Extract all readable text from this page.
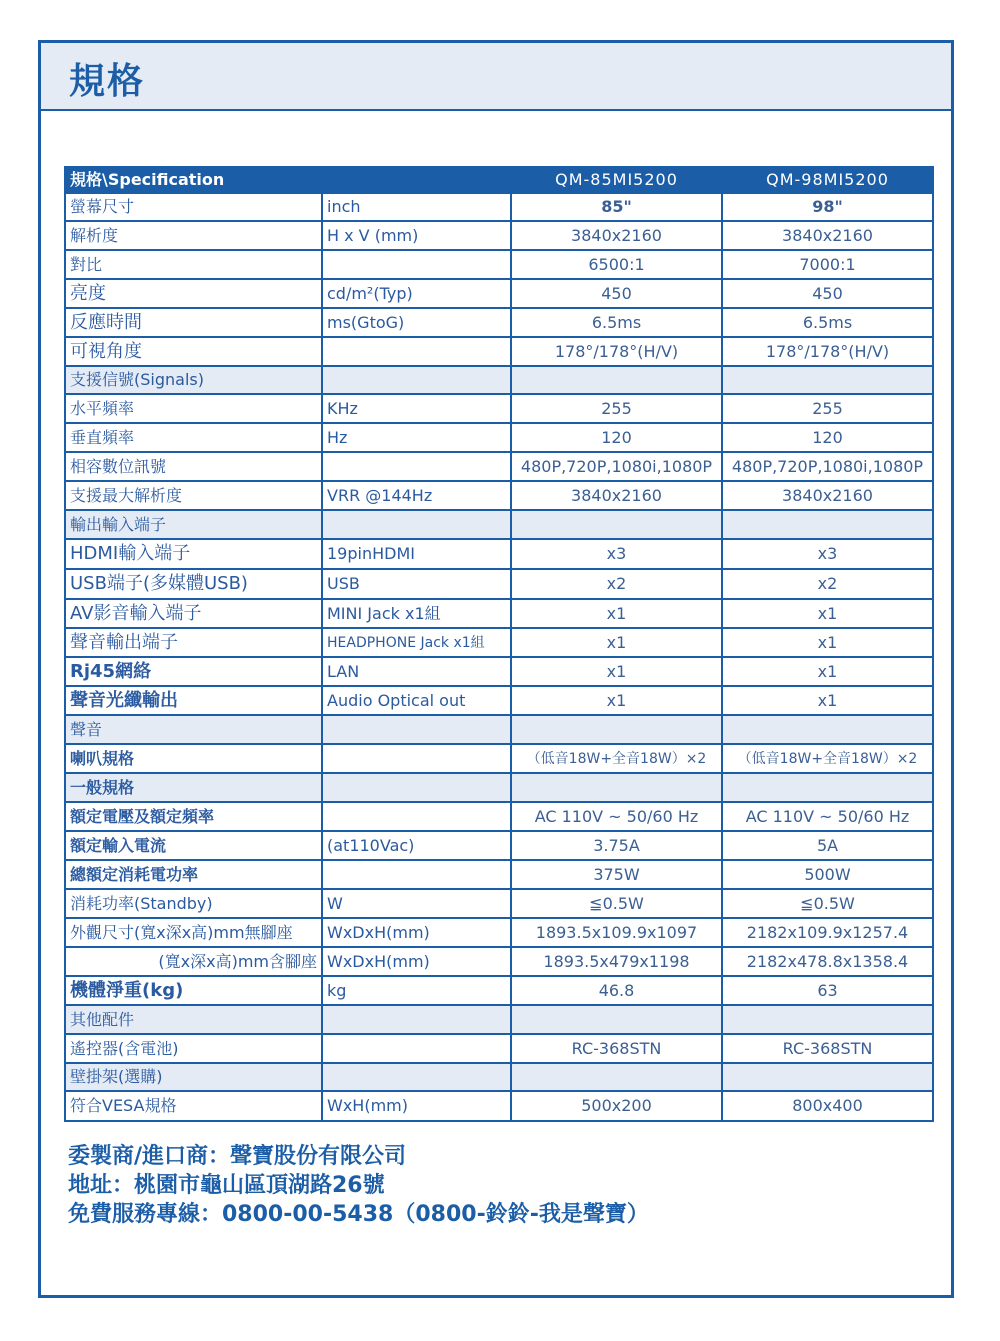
規格
規格\Specification		QM-85MI5200	QM-98MI5200
螢幕尺寸	inch	85"	98"
解析度	H x V (mm)	3840x2160	3840x2160
對比		6500:1	7000:1
亮度	cd/m²(Typ)	450	450
反應時間	ms(GtoG)	6.5ms	6.5ms
可視角度		178°/178°(H/V)	178°/178°(H/V)
支援信號(Signals)			
水平頻率	KHz	255	255
垂直頻率	Hz	120	120
相容數位訊號		480P,720P,1080i,1080P	480P,720P,1080i,1080P
支援最大解析度	VRR @144Hz	3840x2160	3840x2160
輸出輸入端子			
HDMI輸入端子	19pinHDMI	x3	x3
USB端子(多媒體USB)	USB	x2	x2
AV影音輸入端子	MINI Jack x1組	x1	x1
聲音輸出端子	HEADPHONE Jack x1組	x1	x1
Rj45網絡	LAN	x1	x1
聲音光纖輸出	Audio Optical out	x1	x1
聲音			
喇叭規格		（低音18W+全音18W）×2	（低音18W+全音18W）×2
一般規格			
額定電壓及額定頻率		AC 110V ~ 50/60 Hz	AC 110V ~ 50/60 Hz
額定輸入電流	(at110Vac)	3.75A	5A
總額定消耗電功率		375W	500W
消耗功率(Standby)	W	≦0.5W	≦0.5W
外觀尺寸(寬x深x高)mm無腳座	WxDxH(mm)	1893.5x109.9x1097	2182x109.9x1257.4
(寬x深x高)mm含腳座	WxDxH(mm)	1893.5x479x1198	2182x478.8x1358.4
機體淨重(kg)	kg	46.8	63
其他配件			
遙控器(含電池)		RC-368STN	RC-368STN
壁掛架(選購)			
符合VESA規格	WxH(mm)	500x200	800x400
委製商/進口商：聲寶股份有限公司
地址：桃園市龜山區頂湖路26號
免費服務專線：0800-00-5438（0800-鈴鈴-我是聲寶）
